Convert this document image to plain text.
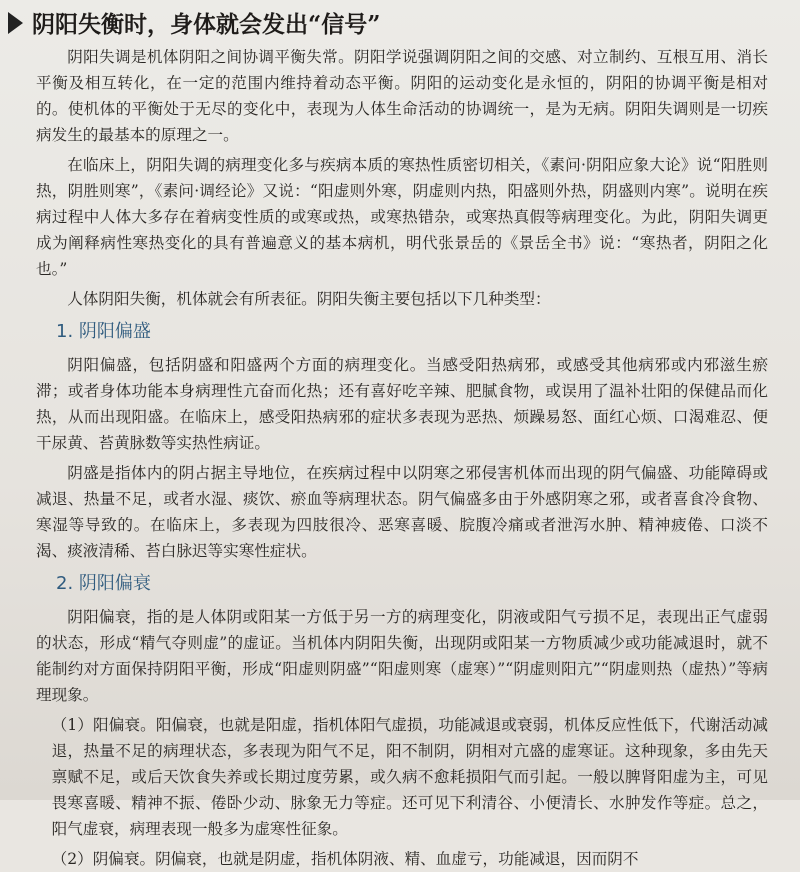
阴阳失衡时，身体就会发出“信号”

阴阳失调是机体阴阳之间协调平衡失常。阴阳学说强调阴阳之间的交感、对立制约、互根互用、消长平衡及相互转化，在一定的范围内维持着动态平衡。阴阳的运动变化是永恒的，阴阳的协调平衡是相对的。使机体的平衡处于无尽的变化中，表现为人体生命活动的协调统一，是为无病。阴阳失调则是一切疾病发生的最基本的原理之一。

在临床上，阴阳失调的病理变化多与疾病本质的寒热性质密切相关，《素问·阴阳应象大论》说“阳胜则热，阴胜则寒”，《素问·调经论》又说：“阳虚则外寒，阴虚则内热，阳盛则外热，阴盛则内寒”。说明在疾病过程中人体大多存在着病变性质的或寒或热，或寒热错杂，或寒热真假等病理变化。为此，阴阳失调更成为阐释病性寒热变化的具有普遍意义的基本病机，明代张景岳的《景岳全书》说：“寒热者，阴阳之化也。”

人体阴阳失衡，机体就会有所表征。阴阳失衡主要包括以下几种类型：

1. 阴阳偏盛

阴阳偏盛，包括阴盛和阳盛两个方面的病理变化。当感受阳热病邪，或感受其他病邪或内邪滋生瘀滞；或者身体功能本身病理性亢奋而化热；还有喜好吃辛辣、肥腻食物，或误用了温补壮阳的保健品而化热，从而出现阳盛。在临床上，感受阳热病邪的症状多表现为恶热、烦躁易怒、面红心烦、口渴难忍、便干尿黄、苔黄脉数等实热性病证。

阴盛是指体内的阴占据主导地位，在疾病过程中以阴寒之邪侵害机体而出现的阴气偏盛、功能障碍或减退、热量不足，或者水湿、痰饮、瘀血等病理状态。阴气偏盛多由于外感阴寒之邪，或者喜食冷食物、寒湿等导致的。在临床上，多表现为四肢很冷、恶寒喜暖、脘腹冷痛或者泄泻水肿、精神疲倦、口淡不渴、痰液清稀、苔白脉迟等实寒性症状。

2. 阴阳偏衰

阴阳偏衰，指的是人体阴或阳某一方低于另一方的病理变化，阴液或阳气亏损不足，表现出正气虚弱的状态，形成“精气夺则虚”的虚证。当机体内阴阳失衡，出现阴或阳某一方物质减少或功能减退时，就不能制约对方面保持阴阳平衡，形成“阳虚则阴盛”“阳虚则寒（虚寒）”“阴虚则阳亢”“阴虚则热（虚热）”等病理现象。

（1）阳偏衰。阳偏衰，也就是阳虚，指机体阳气虚损，功能减退或衰弱，机体反应性低下，代谢活动减退，热量不足的病理状态，多表现为阳气不足，阳不制阴，阴相对亢盛的虚寒证。这种现象，多由先天禀赋不足，或后天饮食失养或长期过度劳累，或久病不愈耗损阳气而引起。一般以脾肾阳虚为主，可见畏寒喜暖、精神不振、倦卧少动、脉象无力等症。还可见下利清谷、小便清长、水肿发作等症。总之，阳气虚衰，病理表现一般多为虚寒性征象。

（2）阴偏衰。阴偏衰，也就是阴虚，指机体阴液、精、血虚亏，功能减退，因而阴不
